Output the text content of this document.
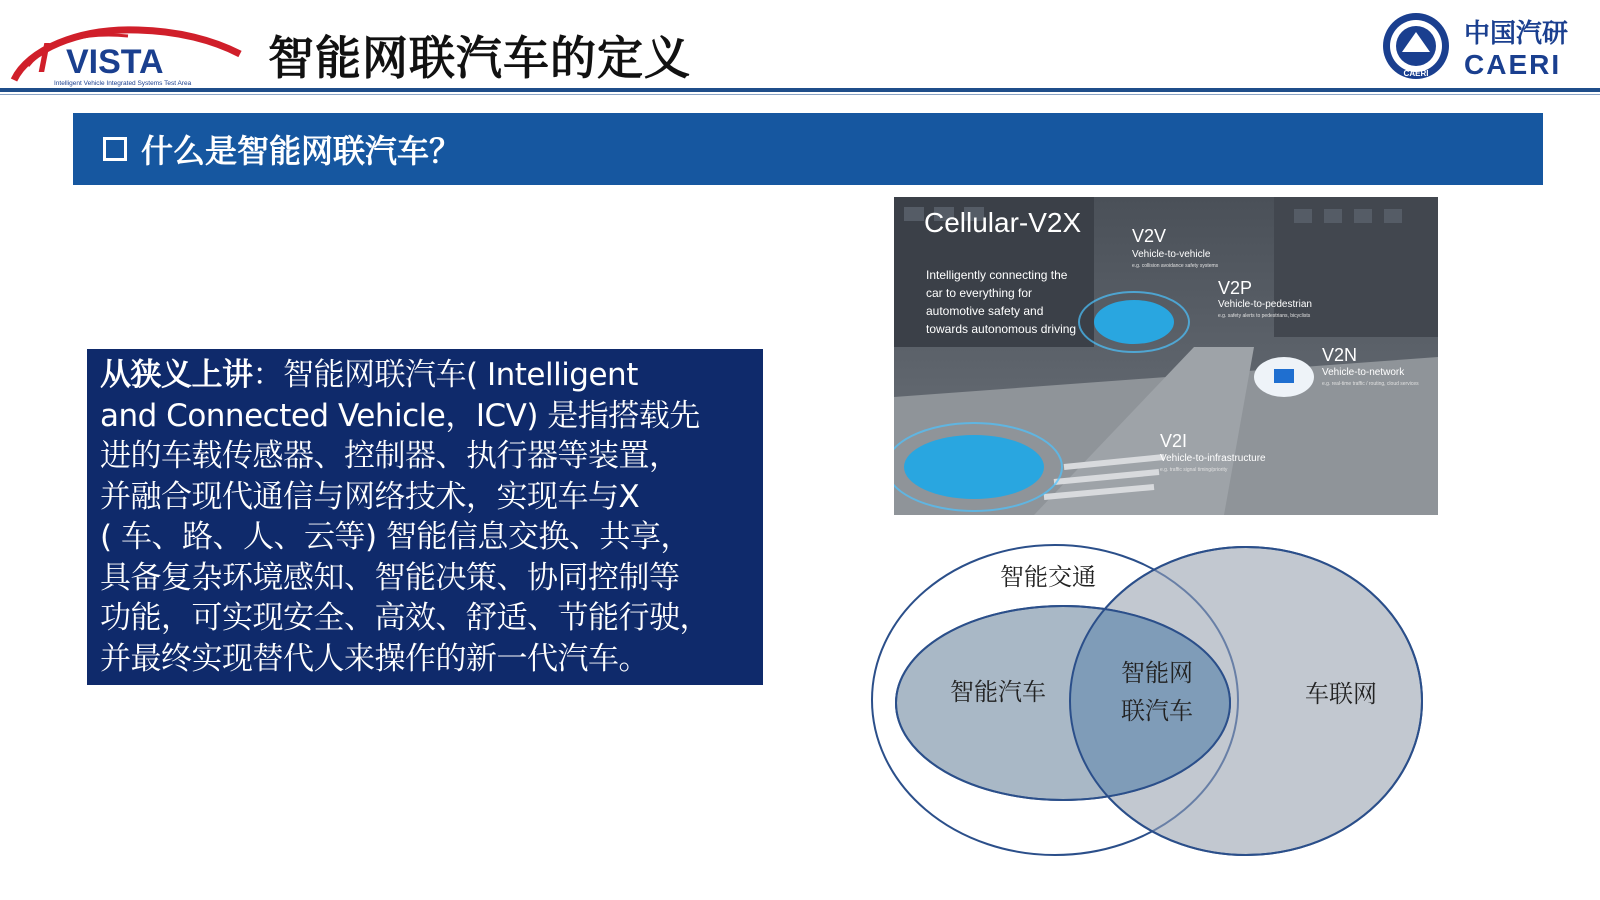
i VISTA
Intelligent Vehicle Integrated Systems Test Area 智能网联汽车的定义	CAERI
中国汽研
CAERI
什么是智能网联汽车？
从狭义上讲：智能网联汽车( Intelligent
and Connected Vehicle，ICV) 是指搭载先
进的车载传感器、控制器、执行器等装置，
并融合现代通信与网络技术，实现车与X
( 车、路、人、云等) 智能信息交换、共享，
具备复杂环境感知、智能决策、协同控制等
功能，可实现安全、高效、舒适、节能行驶，
并最终实现替代人来操作的新一代汽车。
Cellular-V2X
Intelligently connecting the
car to everything for
automotive safety and
towards autonomous driving
V2V
Vehicle-to-vehicle
e.g. collision avoidance safety systems
V2P
Vehicle-to-pedestrian
e.g. safety alerts to pedestrians, bicyclists
V2N
Vehicle-to-network
e.g. real-time traffic / routing, cloud services
V2I
Vehicle-to-infrastructure
e.g. traffic signal timing/priority
智能交通
智能汽车
智能网
联汽车
车联网
